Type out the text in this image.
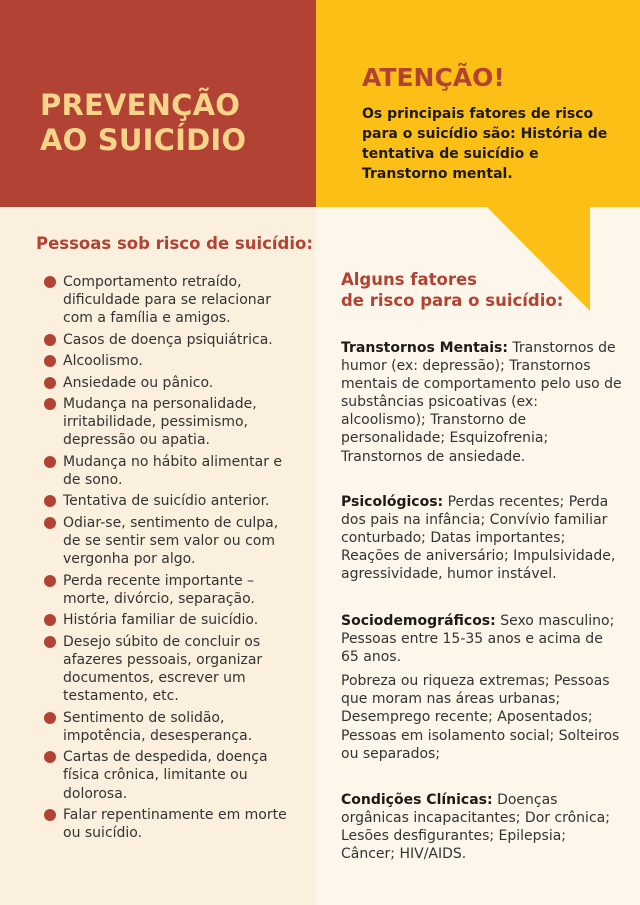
PREVENÇÃO
AO SUICÍDIO
ATENÇÃO!
Os principais fatores de risco para o suicídio são: História de tentativa de suicídio e Transtorno mental.
Pessoas sob risco de suicídio:
Comportamento retraído, dificuldade para se relacionar com a família e amigos.
Casos de doença psiquiátrica.
Alcoolismo.
Ansiedade ou pânico.
Mudança na personalidade, irritabilidade, pessimismo, depressão ou apatia.
Mudança no hábito alimentar e de sono.
Tentativa de suicídio anterior.
Odiar-se, sentimento de culpa, de se sentir sem valor ou com vergonha por algo.
Perda recente importante – morte, divórcio, separação.
História familiar de suicídio.
Desejo súbito de concluir os afazeres pessoais, organizar documentos, escrever um testamento, etc.
Sentimento de solidão, impotência, desesperança.
Cartas de despedida, doença física crônica, limitante ou dolorosa.
Falar repentinamente em morte ou suicídio.
Alguns fatores
de risco para o suicídio:

Transtornos Mentais: Transtornos de humor (ex: depressão); Transtornos mentais de comportamento pelo uso de substâncias psicoativas (ex: alcoolismo); Transtorno de personalidade; Esquizofrenia; Transtornos de ansiedade.

Psicológicos: Perdas recentes; Perda dos pais na infância; Convívio familiar conturbado; Datas importantes; Reações de aniversário; Impulsividade, agressividade, humor instável.

Sociodemográficos: Sexo masculino; Pessoas entre 15-35 anos e acima de 65 anos.

Pobreza ou riqueza extremas; Pessoas que moram nas áreas urbanas; Desemprego recente; Aposentados; Pessoas em isolamento social; Solteiros ou separados;

Condições Clínicas: Doenças orgânicas incapacitantes; Dor crônica; Lesões desfigurantes; Epilepsia; Câncer; HIV/AIDS.
